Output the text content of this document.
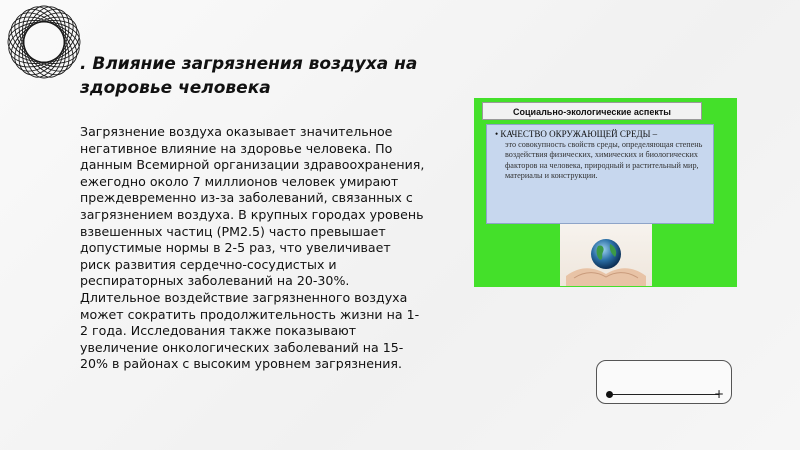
. Влияние загрязнения воздуха на здоровье человека

Загрязнение воздуха оказывает значительное негативное влияние на здоровье человека. По данным Всемирной организации здравоохранения, ежегодно около 7 миллионов человек умирают преждевременно из-за заболеваний, связанных с загрязнением воздуха. В крупных городах уровень взвешенных частиц (PM2.5) часто превышает допустимые нормы в 2-5 раз, что увеличивает риск развития сердечно-сосудистых и респираторных заболеваний на 20-30%. Длительное воздействие загрязненного воздуха может сократить продолжительность жизни на 1-2 года. Исследования также показывают увеличение онкологических заболеваний на 15-20% в районах с высоким уровнем загрязнения.

Социально-экологические аспекты
• КАЧЕСТВО ОКРУЖАЮЩЕЙ СРЕДЫ –
это совокупность свойств среды, определяющая степень воздействия физических, химических и биологических факторов на человека, природный и растительный мир, материалы и конструкции.
+
